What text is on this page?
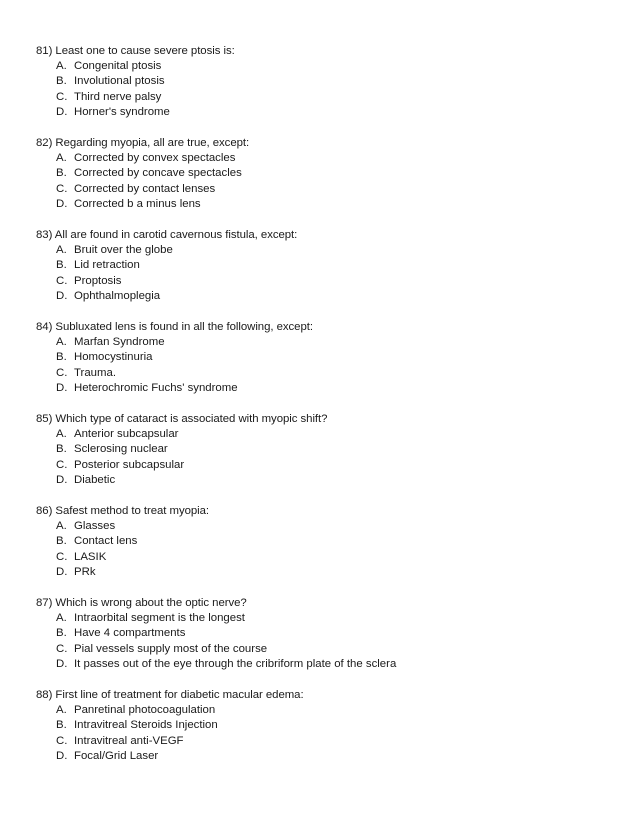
81) Least one to cause severe ptosis is:
A. Congenital ptosis
B. Involutional ptosis
C. Third nerve palsy
D. Horner's syndrome
82) Regarding myopia, all are true, except:
A. Corrected by convex spectacles
B. Corrected by concave spectacles
C. Corrected by contact lenses
D. Corrected b a minus lens
83) All are found in carotid cavernous fistula, except:
A. Bruit over the globe
B. Lid retraction
C. Proptosis
D. Ophthalmoplegia
84) Subluxated lens is found in all the following, except:
A. Marfan Syndrome
B. Homocystinuria
C. Trauma.
D. Heterochromic Fuchs' syndrome
85) Which type of cataract is associated with myopic shift?
A. Anterior subcapsular
B. Sclerosing nuclear
C. Posterior subcapsular
D. Diabetic
86) Safest method to treat myopia:
A. Glasses
B. Contact lens
C. LASIK
D. PRk
87) Which is wrong about the optic nerve?
A. Intraorbital segment is the longest
B. Have 4 compartments
C. Pial vessels supply most of the course
D. It passes out of the eye through the cribriform plate of the sclera
88) First line of treatment for diabetic macular edema:
A. Panretinal photocoagulation
B. Intravitreal Steroids Injection
C. Intravitreal anti-VEGF
D. Focal/Grid Laser
